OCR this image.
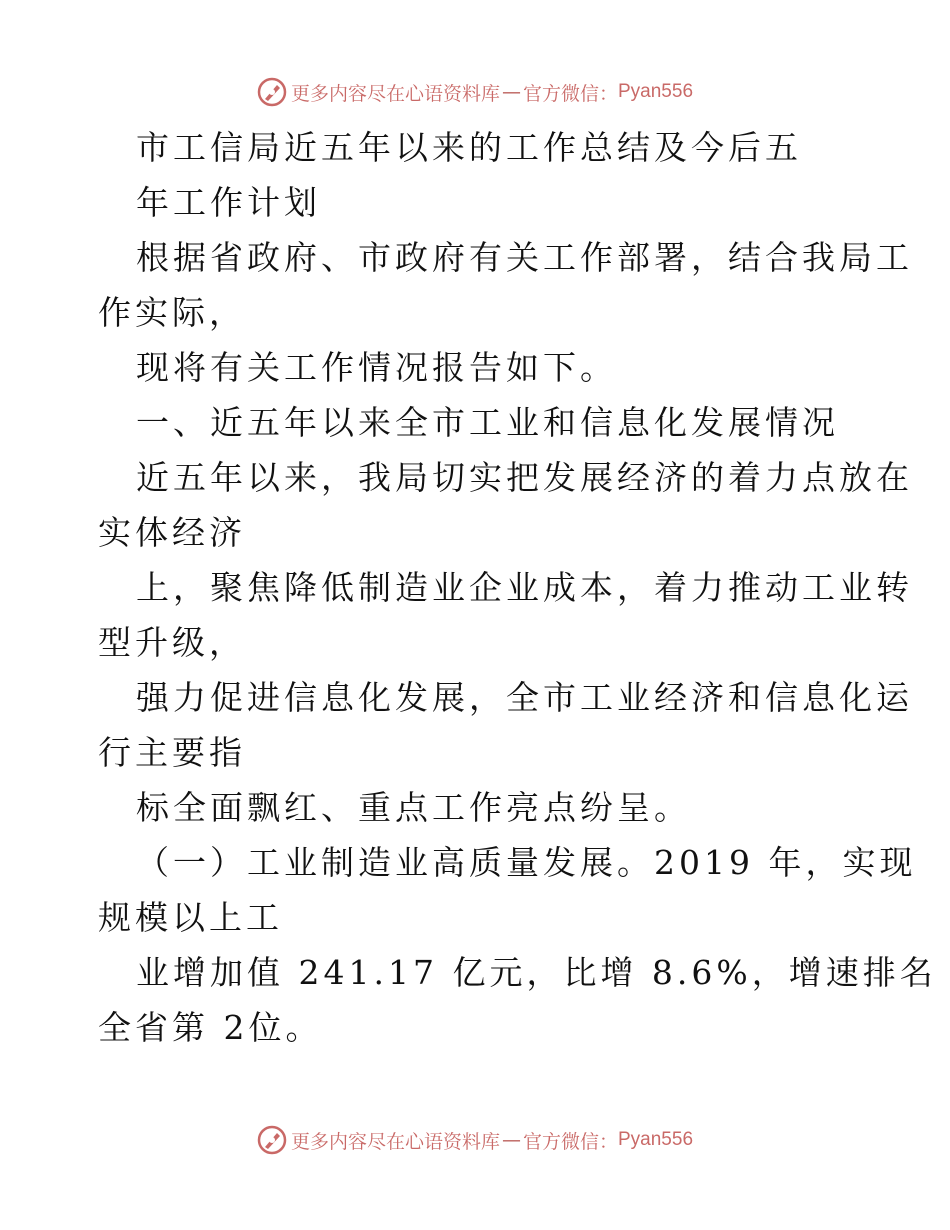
更多内容尽在心语资料库 — 官方微信： Pyan556
市工信局近五年以来的工作总结及今后五
年工作计划
根据省政府、市政府有关工作部署，结合我局工
作实际，
现将有关工作情况报告如下。
一、近五年以来全市工业和信息化发展情况
近五年以来，我局切实把发展经济的着力点放在
实体经济
上，聚焦降低制造业企业成本，着力推动工业转
型升级，
强力促进信息化发展，全市工业经济和信息化运
行主要指
标全面飘红、重点工作亮点纷呈。
（一）工业制造业高质量发展。2019 年，实现
规模以上工
业增加值 241.17 亿元，比增 8.6%，增速排名
全省第 2位。
更多内容尽在心语资料库 — 官方微信： Pyan556
